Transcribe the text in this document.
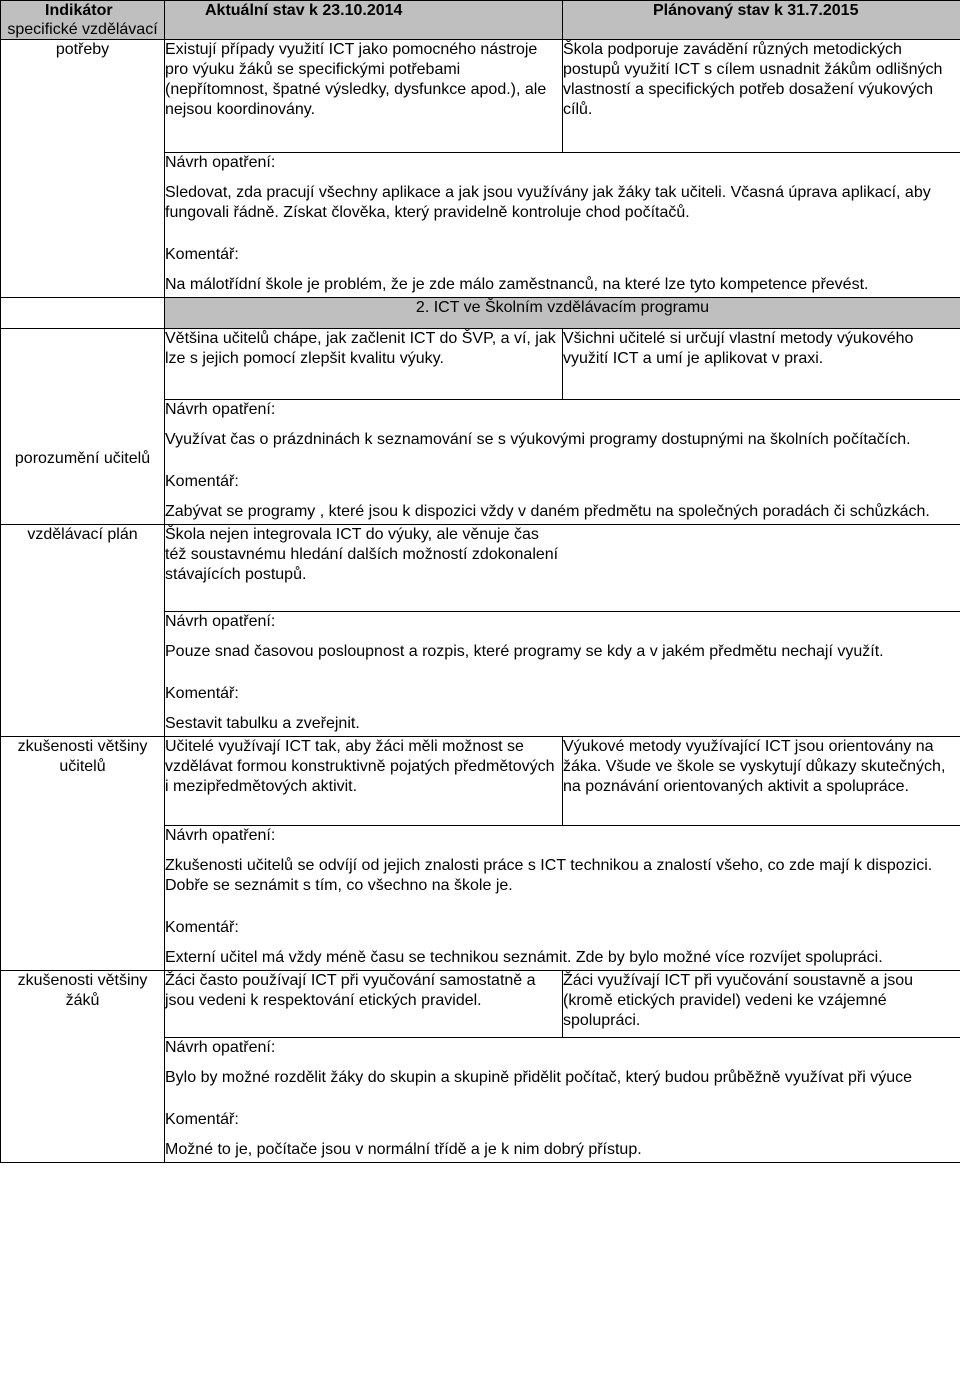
Indikátor	Aktuální stav k 23.10.2014	Plánovaný stav k 31.7.2015
specifické vzdělávací potřeby	Existují případy využití ICT jako pomocného nástroje pro výuku žáků se specifickými potřebami (nepřítomnost, špatné výsledky, dysfunkce apod.), ale nejsou koordinovány.	Škola podporuje zavádění různých metodických postupů využití ICT s cílem usnadnit žákům odlišných vlastností a specifických potřeb dosažení výukových cílů.

	Návrh opatření:
Sledovat, zda pracují všechny aplikace a jak jsou využívány jak žáky tak učiteli. Včasná úprava aplikací, aby fungovali řádně. Získat člověka, který pravidelně kontroluje chod počítačů.
Komentář:
Na málotřídní škole je problém, že je zde málo zaměstnanců, na které lze tyto kompetence převést.	

	2. ICT ve Školním vzdělávacím programu	
porozumění učitelů	Většina učitelů chápe, jak začlenit ICT do ŠVP, a ví, jak lze s jejich pomocí zlepšit kvalitu výuky.	Všichni učitelé si určují vlastní metody výukového využití ICT a umí je aplikovat v praxi.

	Návrh opatření:
Využívat čas o prázdninách k seznamování se s výukovými programy dostupnými na školních počítačích.
Komentář:
Zabývat se programy , které jsou k dispozici vždy v daném předmětu na společných poradách či schůzkách.	

vzdělávací plán	Škola nejen integrovala ICT do výuky, ale věnuje čas též soustavnému hledání dalších možností zdokonalení stávajících postupů.	

	Návrh opatření:
Pouze snad časovou posloupnost a rozpis, které programy se kdy a v jakém předmětu nechají využít.
Komentář:
Sestavit tabulku a zveřejnit.	

zkušenosti většiny učitelů	Učitelé využívají ICT tak, aby žáci měli možnost se vzdělávat formou konstruktivně pojatých předmětových i mezipředmětových aktivit.	Výukové metody využívající ICT jsou orientovány na žáka. Všude ve škole se vyskytují důkazy skutečných, na poznávání orientovaných aktivit a spolupráce.

	Návrh opatření:
Zkušenosti učitelů se odvíjí od jejich znalosti práce s ICT technikou a znalostí všeho, co zde mají k dispozici. Dobře se seznámit s tím, co všechno na škole je.
Komentář:
Externí učitel má vždy méně času se technikou seznámit. Zde by bylo možné více rozvíjet spolupráci.	

zkušenosti většiny žáků	Žáci často používají ICT při vyučování samostatně a jsou vedeni k respektování etických pravidel.	Žáci využívají ICT při vyučování soustavně a jsou (kromě etických pravidel) vedeni ke vzájemné spolupráci.

	Návrh opatření:
Bylo by možné rozdělit žáky do skupin a skupině přidělit počítač, který budou průběžně využívat při výuce
Komentář:
Možné to je, počítače jsou v normální třídě a je k nim dobrý přístup.	
